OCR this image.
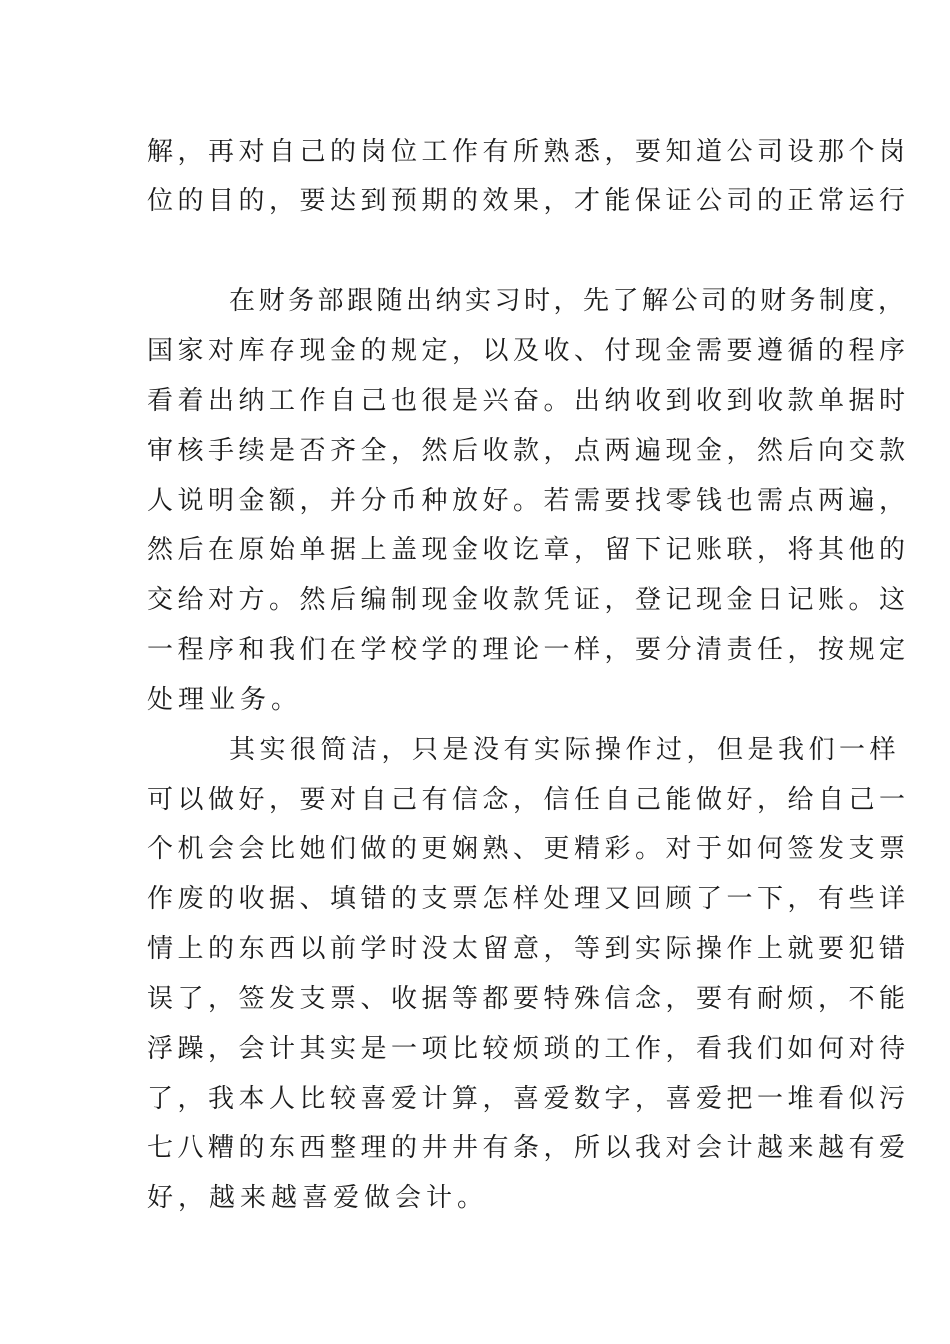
解，再对自己的岗位工作有所熟悉，要知道公司设那个岗
位的目的，要达到预期的效果，才能保证公司的正常运行
在财务部跟随出纳实习时，先了解公司的财务制度，
国家对库存现金的规定，以及收、付现金需要遵循的程序
看着出纳工作自己也很是兴奋。出纳收到收到收款单据时
审核手续是否齐全，然后收款，点两遍现金，然后向交款
人说明金额，并分币种放好。若需要找零钱也需点两遍，
然后在原始单据上盖现金收讫章，留下记账联，将其他的
交给对方。然后编制现金收款凭证，登记现金日记账。这
一程序和我们在学校学的理论一样，要分清责任，按规定
处理业务。
其实很简洁，只是没有实际操作过，但是我们一样
可以做好，要对自己有信念，信任自己能做好，给自己一
个机会会比她们做的更娴熟、更精彩。对于如何签发支票
作废的收据、填错的支票怎样处理又回顾了一下，有些详
情上的东西以前学时没太留意，等到实际操作上就要犯错
误了，签发支票、收据等都要特殊信念，要有耐烦，不能
浮躁，会计其实是一项比较烦琐的工作，看我们如何对待
了，我本人比较喜爱计算，喜爱数字，喜爱把一堆看似污
七八糟的东西整理的井井有条，所以我对会计越来越有爱
好，越来越喜爱做会计。
